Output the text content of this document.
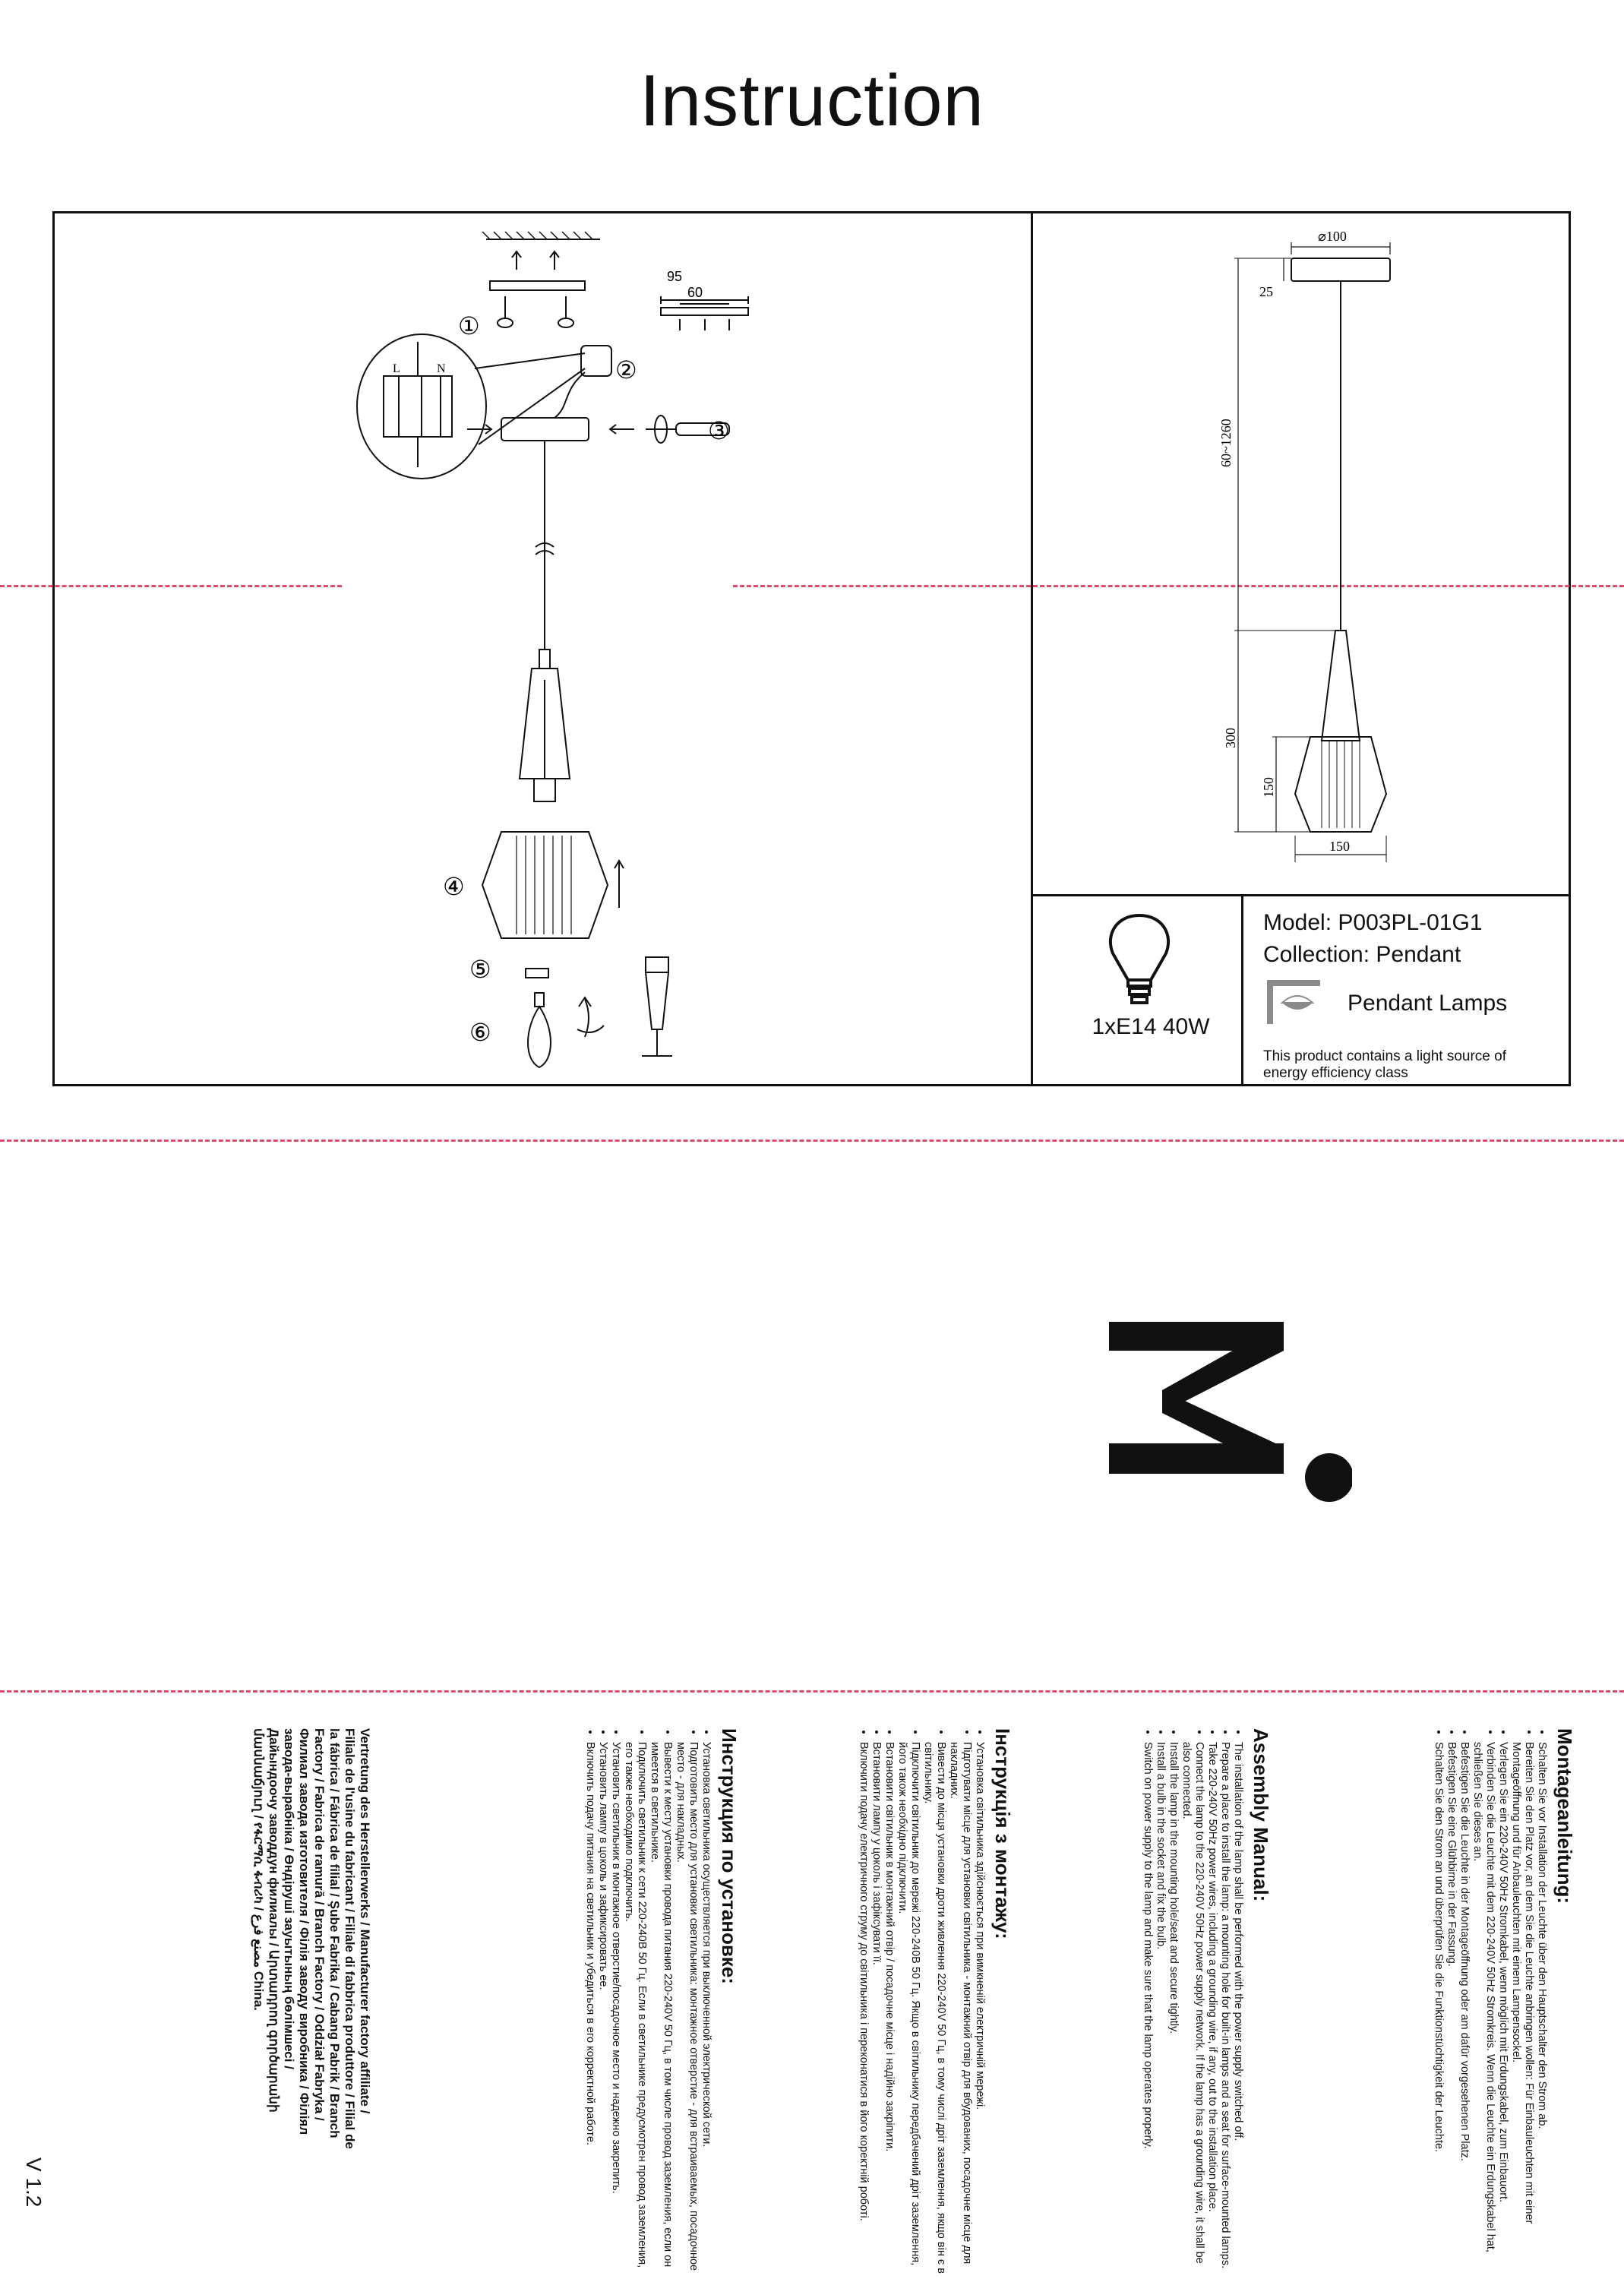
Instruction
95
60
①
②
③
④
⑤
⑥
L	N
⌀100
25
60~1260
300
150
150
1xE14 40W
Model: P003PL-01G1
Collection: Pendant
Pendant Lamps
This product contains a light source of energy efficiency class
V 1.2
Montageanleitung:
• Schalten Sie vor Installation der Leuchte über den Hauptschalter den Strom ab.
• Bereiten Sie den Platz vor, an dem Sie die Leuchte anbringen wollen: Für Einbauleuchten mit einer Montageöffnung und für Anbauleuchten mit einem Lampensockel.
• Verlegen Sie ein 220-240V 50Hz Stromkabel, wenn möglich mit Erdungskabel, zum Einbauort.
• Verbinden Sie die Leuchte mit dem 220-240V 50Hz Stromkreis. Wenn die Leuchte ein Erdungskabel hat, schließen Sie dieses an.
• Befestigen Sie die Leuchte in der Montageöffnung oder am dafür vorgesehenen Platz.
• Befestigen Sie eine Glühbirne in der Fassung.
• Schalten Sie den Strom an und überprüfen Sie die Funktionstüchtigkeit der Leuchte.
Assembly Manual:
• The installation of the lamp shall be performed with the power supply switched off.
• Prepare a place to install the lamp: a mounting hole for built-in lamps and a seat for surface-mounted lamps.
• Take 220-240V 50Hz power wires, including a grounding wire, if any, out to the installation place.
• Connect the lamp to the 220-240V 50Hz power supply network. If the lamp has a grounding wire, it shall be also connected.
• Install the lamp in the mounting hole/seat and secure tightly.
• Install a bulb in the socket and fix the bulb.
• Switch on power supply to the lamp and make sure that the lamp operates properly.
Інструкція з монтажу:
• Установка світильника здійснюється при вимкненій електричній мережі.
• Підготувати місце для установки світильника - монтажний отвір для вбудованих, посадочне місце для накладних.
• Вивести до місця установки дроти живлення 220-240V 50 Гц, в тому числі дріт заземлення, якщо він є в світильнику.
• Підключити світильник до мережі 220-240В 50 Гц. Якщо в світильнику передбачений дріт заземлення, його також необхідно підключити.
• Встановити світильник в монтажний отвір / посадочне місце і надійно закріпити.
• Встановити лампу у цоколь і зафіксувати її.
• Включити подачу електричного струму до світильника і переконатися в його коректній роботі.
Инструкция по установке:
• Установка светильника осуществляется при выключенной электрической сети.
• Подготовить место для установки светильника: монтажное отверстие - для встраиваемых, посадочное место - для накладных.
• Вывести к месту установки провода питания 220-240V 50 Гц, в том числе провод заземления, если он имеется в светильнике.
• Подключить светильник к сети 220-240В 50 Гц. Если в светильнике предусмотрен провод заземления, его также необходимо подключить.
• Установить светильник в монтажное отверстие/посадочное место и надежно закрепить.
• Установить лампу в цоколь и зафиксировать ее.
• Включить подачу питания на светильник и убедиться в его корректной работе.
Vertretung des Herstellerwerks / Manufacturer factory affiliate / Filiale de l'usine du fabricant / Filiale di fabbrica produttore / Filial de la fábrica / Fábrica de filial / Şube Fabrika / Cabang Pabrik / Branch Factory / Fabrica de ramură / Branch Factory / Oddział Fabryka / Филиал завода изготовителя / Філія заводу виробника / Філіял завода-вырабніка / Өндіруші зауытының бөлімшесі / Дайындоочу заводдун филиалы / Արտադրող գործարանի մասնաճյուղ / የፋርማሲ ፋብሪካ / مصنع فرع China.
